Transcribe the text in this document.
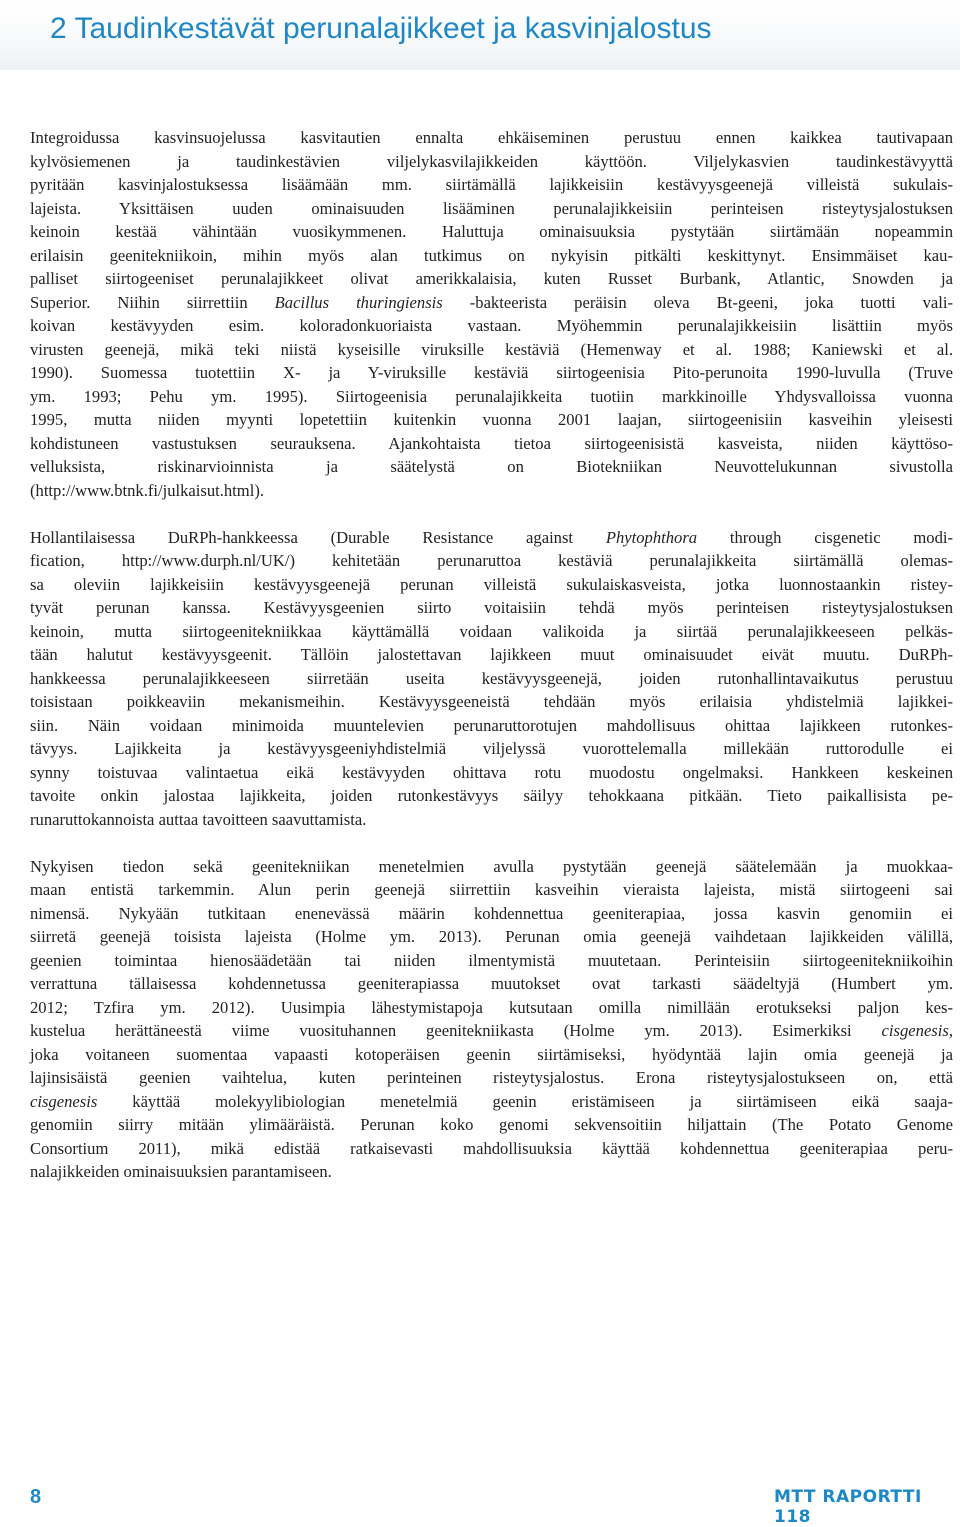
2 Taudinkestävät perunalajikkeet ja kasvinjalostus

Integroidussa kasvinsuojelussa kasvitautien ennalta ehkäiseminen perustuu ennen kaikkea tautivapaan
kylvösiemenen ja taudinkestävien viljelykasvilajikkeiden käyttöön. Viljelykasvien taudinkestävyyttä
pyritään kasvinjalostuksessa lisäämään mm. siirtämällä lajikkeisiin kestävyysgeenejä villeistä sukulais-
lajeista. Yksittäisen uuden ominaisuuden lisääminen perunalajikkeisiin perinteisen risteytysjalostuksen
keinoin kestää vähintään vuosikymmenen. Haluttuja ominaisuuksia pystytään siirtämään nopeammin
erilaisin geenitekniikoin, mihin myös alan tutkimus on nykyisin pitkälti keskittynyt. Ensimmäiset kau-
palliset siirtogeeniset perunalajikkeet olivat amerikkalaisia, kuten Russet Burbank, Atlantic, Snowden ja
Superior. Niihin siirrettiin Bacillus thuringiensis -bakteerista peräisin oleva Bt-geeni, joka tuotti vali-
koivan kestävyyden esim. koloradonkuoriaista vastaan. Myöhemmin perunalajikkeisiin lisättiin myös
virusten geenejä, mikä teki niistä kyseisille viruksille kestäviä (Hemenway et al. 1988; Kaniewski et al.
1990). Suomessa tuotettiin X- ja Y-viruksille kestäviä siirtogeenisia Pito-perunoita 1990-luvulla (Truve
ym. 1993; Pehu ym. 1995). Siirtogeenisia perunalajikkeita tuotiin markkinoille Yhdysvalloissa vuonna
1995, mutta niiden myynti lopetettiin kuitenkin vuonna 2001 laajan, siirtogeenisiin kasveihin yleisesti
kohdistuneen vastustuksen seurauksena. Ajankohtaista tietoa siirtogeenisistä kasveista, niiden käyttöso-
velluksista, riskinarvioinnista ja säätelystä on Biotekniikan Neuvottelukunnan sivustolla
(http://www.btnk.fi/julkaisut.html).

Hollantilaisessa DuRPh-hankkeessa (Durable Resistance against Phytophthora through cisgenetic modi-
fication, http://www.durph.nl/UK/) kehitetään perunaruttoa kestäviä perunalajikkeita siirtämällä olemas-
sa oleviin lajikkeisiin kestävyysgeenejä perunan villeistä sukulaiskasveista, jotka luonnostaankin ristey-
tyvät perunan kanssa. Kestävyysgeenien siirto voitaisiin tehdä myös perinteisen risteytysjalostuksen
keinoin, mutta siirtogeenitekniikkaa käyttämällä voidaan valikoida ja siirtää perunalajikkeeseen pelkäs-
tään halutut kestävyysgeenit. Tällöin jalostettavan lajikkeen muut ominaisuudet eivät muutu. DuRPh-
hankkeessa perunalajikkeeseen siirretään useita kestävyysgeenejä, joiden rutonhallintavaikutus perustuu
toisistaan poikkeaviin mekanismeihin. Kestävyysgeeneistä tehdään myös erilaisia yhdistelmiä lajikkei-
siin. Näin voidaan minimoida muuntelevien perunaruttorotujen mahdollisuus ohittaa lajikkeen rutonkes-
tävyys. Lajikkeita ja kestävyysgeeniyhdistelmiä viljelyssä vuorottelemalla millekään ruttorodulle ei
synny toistuvaa valintaetua eikä kestävyyden ohittava rotu muodostu ongelmaksi. Hankkeen keskeinen
tavoite onkin jalostaa lajikkeita, joiden rutonkestävyys säilyy tehokkaana pitkään. Tieto paikallisista pe-
runaruttokannoista auttaa tavoitteen saavuttamista.

Nykyisen tiedon sekä geenitekniikan menetelmien avulla pystytään geenejä säätelemään ja muokkaa-
maan entistä tarkemmin. Alun perin geenejä siirrettiin kasveihin vieraista lajeista, mistä siirtogeeni sai
nimensä. Nykyään tutkitaan enenevässä määrin kohdennettua geeniterapiaa, jossa kasvin genomiin ei
siirretä geenejä toisista lajeista (Holme ym. 2013). Perunan omia geenejä vaihdetaan lajikkeiden välillä,
geenien toimintaa hienosäädetään tai niiden ilmentymistä muutetaan. Perinteisiin siirtogeenitekniikoihin
verrattuna tällaisessa kohdennetussa geeniterapiassa muutokset ovat tarkasti säädeltyjä (Humbert ym.
2012; Tzfira ym. 2012). Uusimpia lähestymistapoja kutsutaan omilla nimillään erotukseksi paljon kes-
kustelua herättäneestä viime vuosituhannen geenitekniikasta (Holme ym. 2013). Esimerkiksi cisgenesis,
joka voitaneen suomentaa vapaasti kotoperäisen geenin siirtämiseksi, hyödyntää lajin omia geenejä ja
lajinsisäistä geenien vaihtelua, kuten perinteinen risteytysjalostus. Erona risteytysjalostukseen on, että
cisgenesis käyttää molekyylibiologian menetelmiä geenin eristämiseen ja siirtämiseen eikä saaja-
genomiin siirry mitään ylimääräistä. Perunan koko genomi sekvensoitiin hiljattain (The Potato Genome
Consortium 2011), mikä edistää ratkaisevasti mahdollisuuksia käyttää kohdennettua geeniterapiaa peru-
nalajikkeiden ominaisuuksien parantamiseen.

8	MTT RAPORTTI 118
